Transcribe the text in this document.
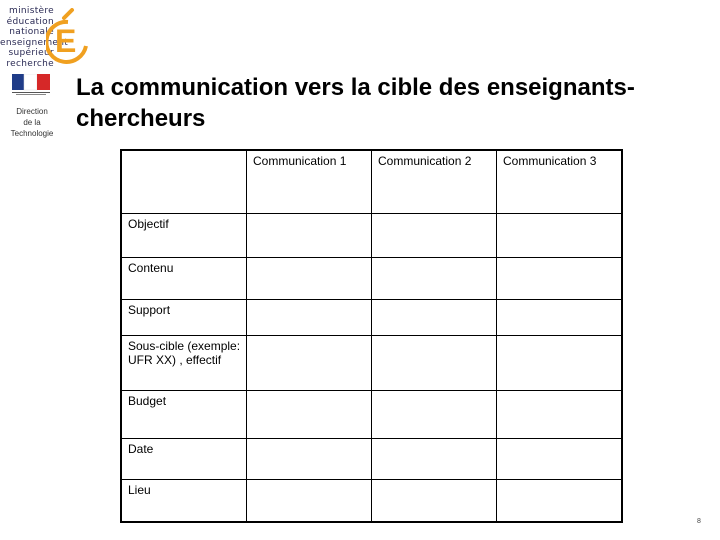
ministère
éducation
nationale
enseignement
supérieur
recherche
E
Direction
de la
Technologie
La communication vers la cible des enseignants-chercheurs
	Communication 1	Communication 2	Communication 3
Objectif			
Contenu			
Support			
Sous-cible (exemple: UFR XX) , effectif			
Budget			
Date			
Lieu			
8
